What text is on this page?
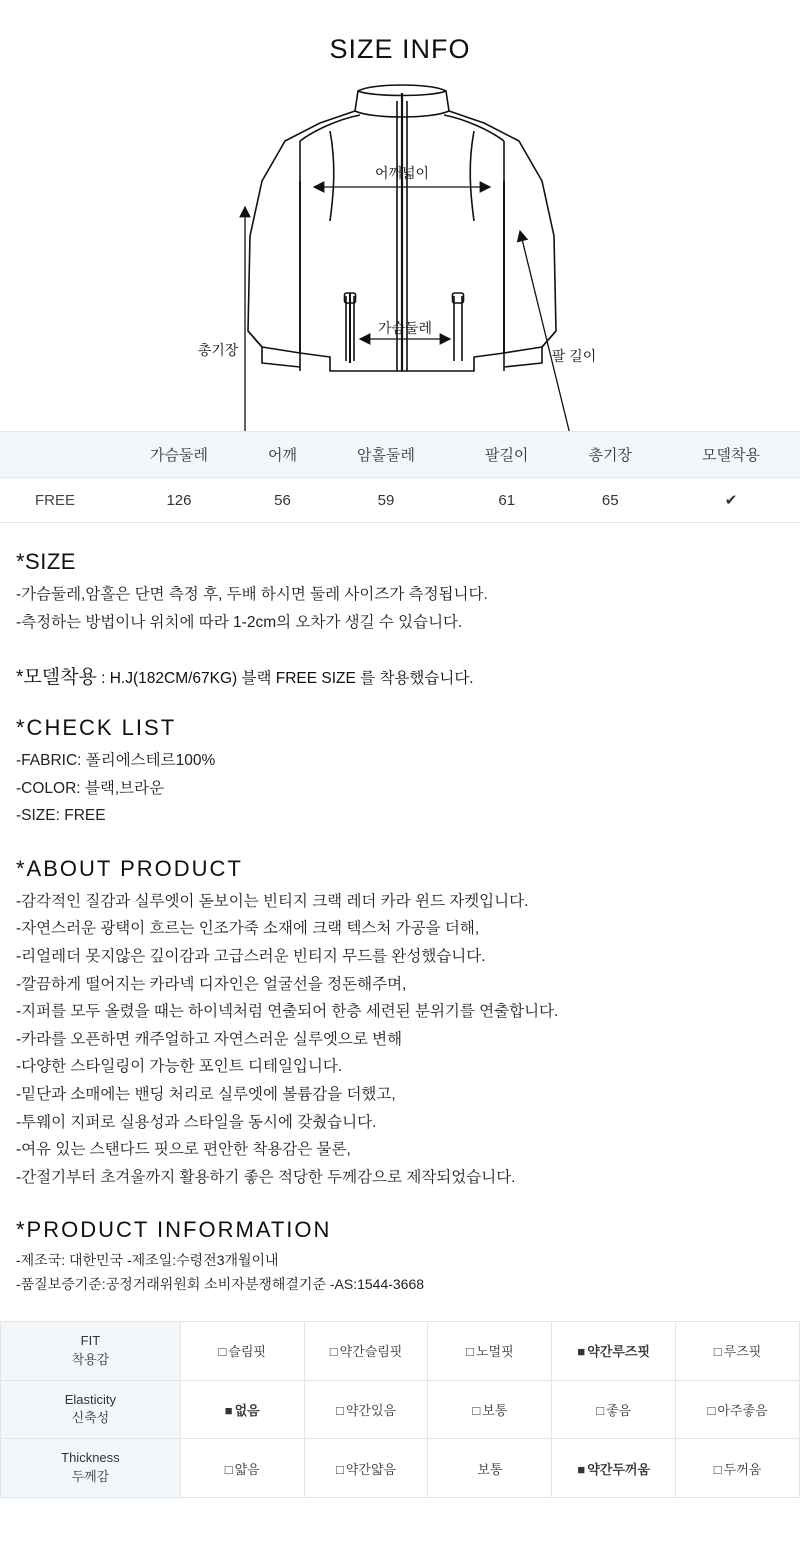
SIZE INFO
어깨넓이
가슴둘레
총기장	팔 길이
	가슴둘레	어깨	암홀둘레	팔길이	총기장	모델착용
FREE	126	56	59	61	65	✔
*SIZE
-가슴둘레,암홀은 단면 측정 후, 두배 하시면 둘레 사이즈가 측정됩니다.
-측정하는 방법이나 위치에 따라 1-2cm의 오차가 생길 수 있습니다.
*모델착용 : H.J(182CM/67KG) 블랙 FREE SIZE 를 착용했습니다.
*CHECK LIST
-FABRIC: 폴리에스테르100%
-COLOR: 블랙,브라운
-SIZE: FREE
*ABOUT PRODUCT
-감각적인 질감과 실루엣이 돋보이는 빈티지 크랙 레더 카라 윈드 자켓입니다.
-자연스러운 광택이 흐르는 인조가죽 소재에 크랙 텍스처 가공을 더해,
-리얼레더 못지않은 깊이감과 고급스러운 빈티지 무드를 완성했습니다.
-깔끔하게 떨어지는 카라넥 디자인은 얼굴선을 정돈해주며,
-지퍼를 모두 올렸을 때는 하이넥처럼 연출되어 한층 세련된 분위기를 연출합니다.
-카라를 오픈하면 캐주얼하고 자연스러운 실루엣으로 변해
-다양한 스타일링이 가능한 포인트 디테일입니다.
-밑단과 소매에는 밴딩 처리로 실루엣에 볼륨감을 더했고,
-투웨이 지퍼로 실용성과 스타일을 동시에 갖췄습니다.
-여유 있는 스탠다드 핏으로 편안한 착용감은 물론,
-간절기부터 초겨울까지 활용하기 좋은 적당한 두께감으로 제작되었습니다.
*PRODUCT INFORMATION
-제조국: 대한민국 -제조일:수령전3개월이내
-품질보증기준:공정거래위원회 소비자분쟁해결기준 -AS:1544-3668
FIT
착용감	□ 슬림핏	□ 약간슬림핏	□ 노멀핏	■ 약간루즈핏	□ 루즈핏

Elasticity
신축성	■ 없음	□ 약간있음	□ 보통	□ 좋음	□ 아주좋음

Thickness
두께감	□ 얇음	□ 약간얇음	보통	■ 약간두꺼움	□ 두꺼움
